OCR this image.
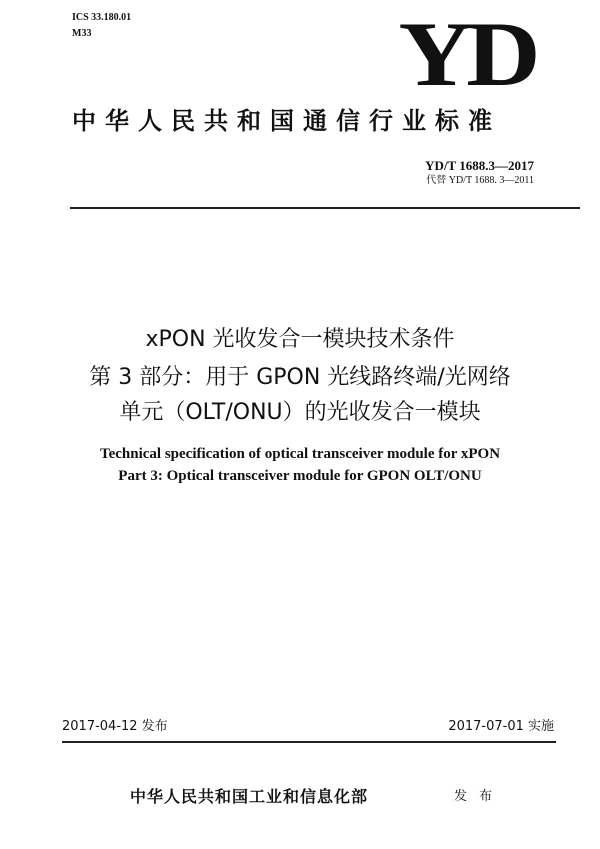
ICS 33.180.01
M33	YD
中华人民共和国通信行业标准
YD/T 1688.3—2017
代替 YD/T 1688. 3—2011
xPON 光收发合一模块技术条件
第 3 部分：用于 GPON 光线路终端/光网络
单元（OLT/ONU）的光收发合一模块
Technical specification of optical transceiver module for xPON
Part 3: Optical transceiver module for GPON OLT/ONU
2017-04-12 发布	2017-07-01 实施
中华人民共和国工业和信息化部	发 布
